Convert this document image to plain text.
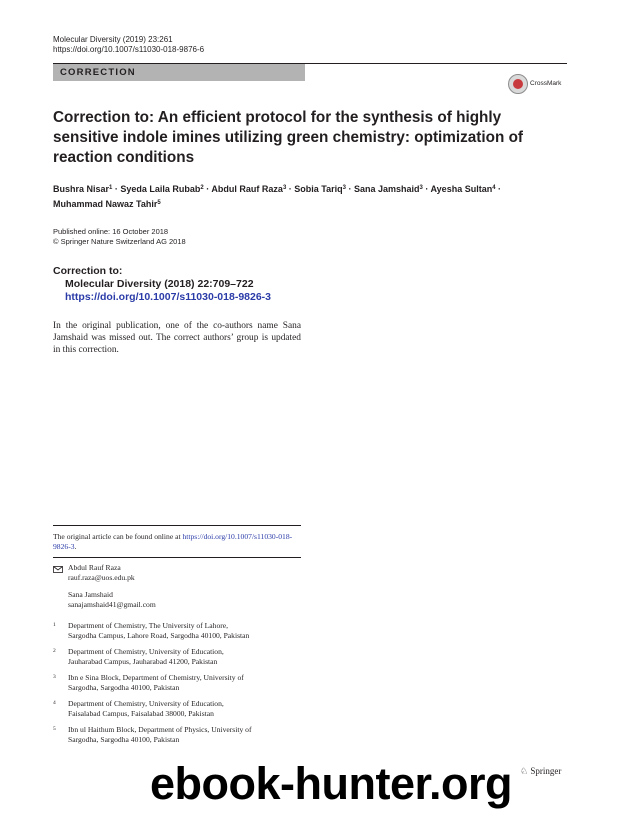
Molecular Diversity (2019) 23:261
https://doi.org/10.1007/s11030-018-9876-6
CORRECTION
CrossMark
Correction to: An efficient protocol for the synthesis of highly sensitive indole imines utilizing green chemistry: optimization of reaction conditions
Bushra Nisar$^1$ · Syeda Laila Rubab$^2$ · Abdul Rauf Raza$^3$ · Sobia Tariq$^3$ · Sana Jamshaid$^3$ · Ayesha Sultan$^4$ ·
Muhammad Nawaz Tahir$^5$
Published online: 16 October 2018
© Springer Nature Switzerland AG 2018
Correction to:
Molecular Diversity (2018) 22:709–722
https://doi.org/10.1007/s11030-018-9826-3
In the original publication, one of the co-authors name Sana Jamshaid was missed out. The correct authors’ group is updated in this correction.
The original article can be found online at https://doi.org/10.1007/s11030-018-9826-3.
Abdul Rauf Raza
rauf.raza@uos.edu.pk
Sana Jamshaid
sanajamshaid41@gmail.com
1 Department of Chemistry, The University of Lahore,
Sargodha Campus, Lahore Road, Sargodha 40100, Pakistan
2 Department of Chemistry, University of Education,
Jauharabad Campus, Jauharabad 41200, Pakistan
3 Ibn e Sina Block, Department of Chemistry, University of
Sargodha, Sargodha 40100, Pakistan
4 Department of Chemistry, University of Education,
Faisalabad Campus, Faisalabad 38000, Pakistan
5 Ibn ul Haithum Block, Department of Physics, University of
Sargodha, Sargodha 40100, Pakistan
♘ Springer
ebook-hunter.org
